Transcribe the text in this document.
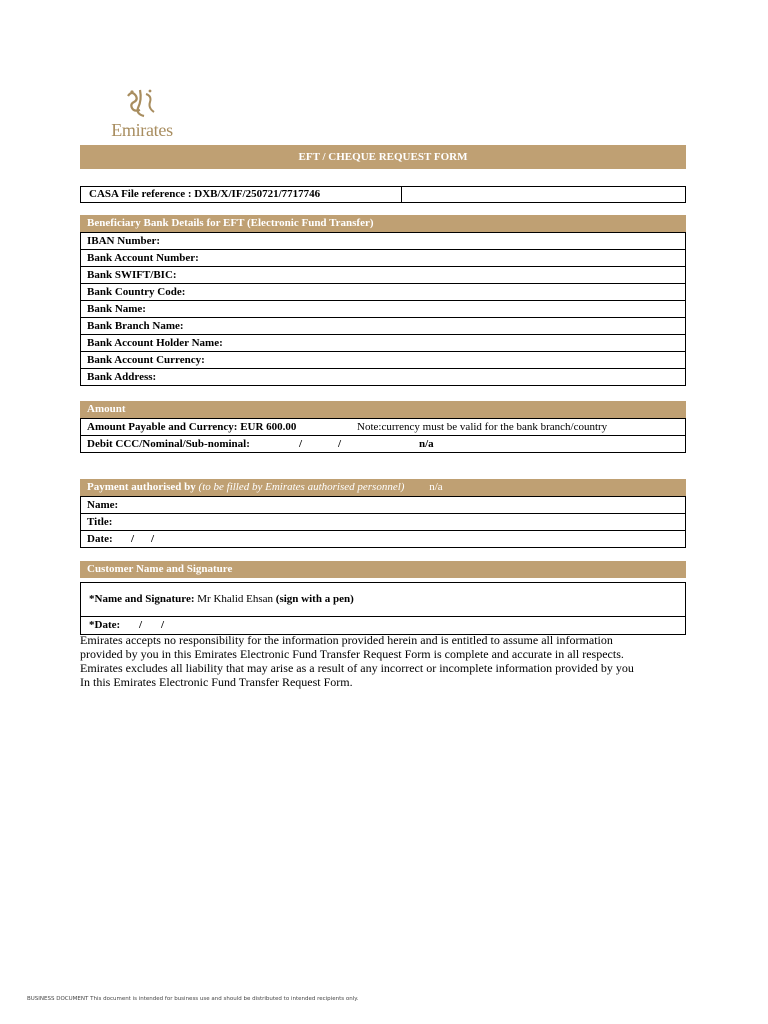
Emirates
EFT / CHEQUE REQUEST FORM
CASA File reference : DXB/X/IF/250721/7717746
Beneficiary Bank Details for EFT (Electronic Fund Transfer)
IBAN Number:
Bank Account Number:
Bank SWIFT/BIC:
Bank Country Code:
Bank Name:
Bank Branch Name:
Bank Account Holder Name:
Bank Account Currency:
Bank Address:
Amount
Amount Payable and Currency: EUR 600.00	Note:currency must be valid for the bank branch/country
Debit CCC/Nominal/Sub-nominal:	/	/	n/a
Payment authorised by (to be filled by Emirates authorised personnel) n/a
Name:
Title:
Date: / /
Customer Name and Signature
*Name and Signature: Mr Khalid Ehsan (sign with a pen)
*Date: / /
Emirates accepts no responsibility for the information provided herein and is entitled to assume all information
provided by you in this Emirates Electronic Fund Transfer Request Form is complete and accurate in all respects.
Emirates excludes all liability that may arise as a result of any incorrect or incomplete information provided by you
In this Emirates Electronic Fund Transfer Request Form.
BUSINESS DOCUMENT This document is intended for business use and should be distributed to intended recipients only.
